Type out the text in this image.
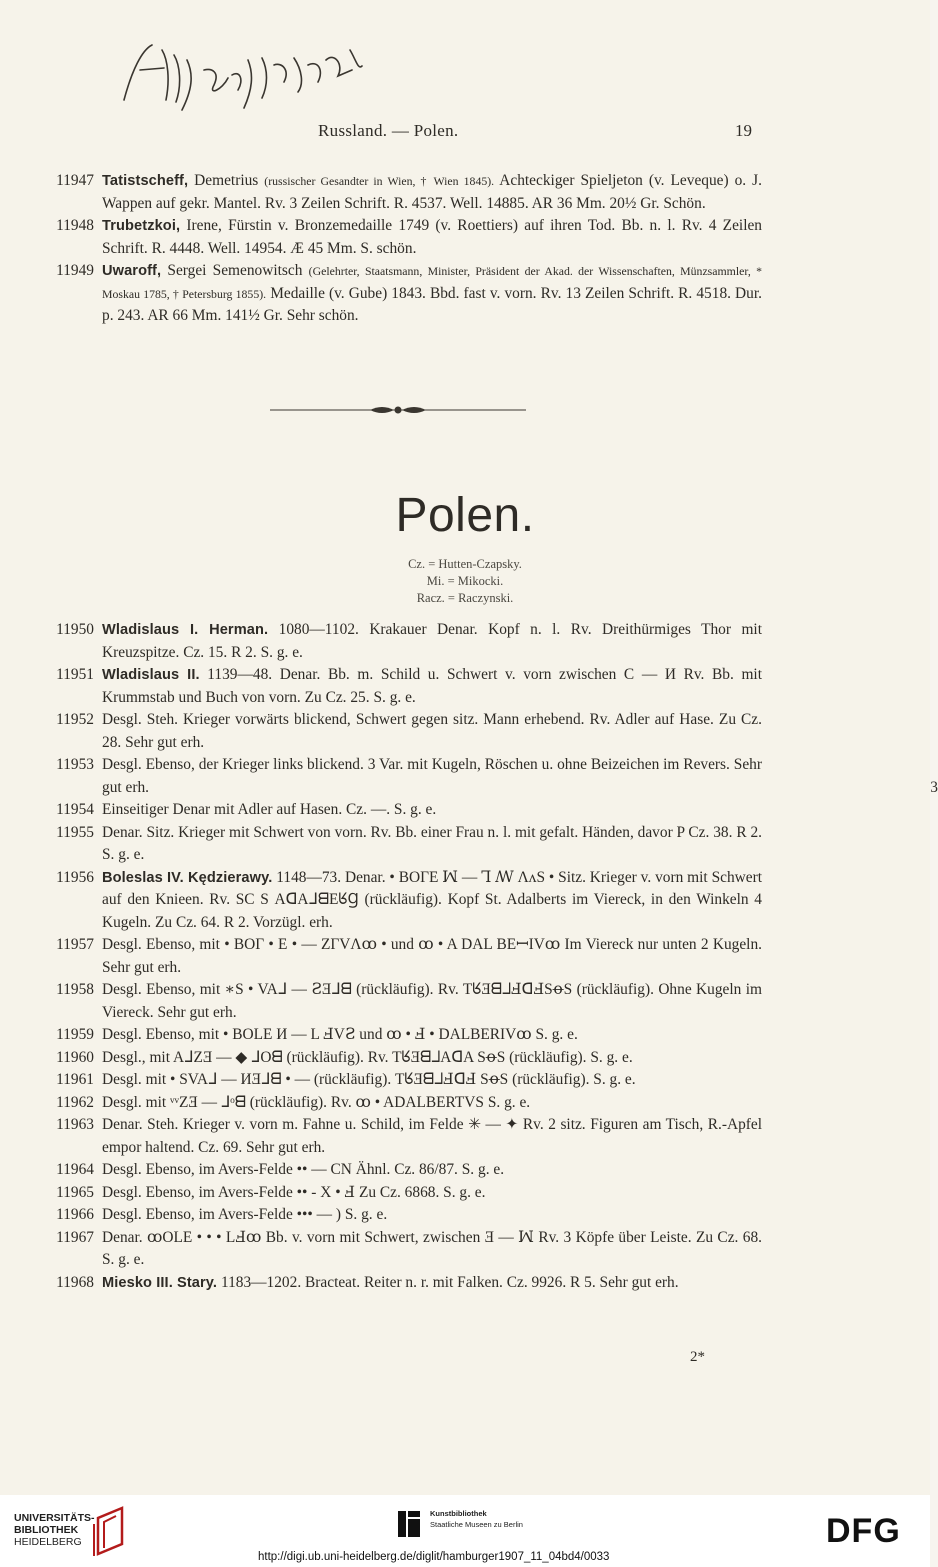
Russland. — Polen.	19
11947 Tatistscheff, Demetrius (russischer Gesandter in Wien, † Wien 1845). Achteckiger Spieljeton (v. Leveque) o. J. Wappen auf gekr. Mantel. Rv. 3 Zeilen Schrift. R. 4537. Well. 14885. AR 36 Mm. 20½ Gr. Schön.
11948 Trubetzkoi, Irene, Fürstin v. Bronzemedaille 1749 (v. Roettiers) auf ihren Tod. Bb. n. l. Rv. 4 Zeilen Schrift. R. 4448. Well. 14954. Æ 45 Mm. S. schön.
11949 Uwaroff, Sergei Semenowitsch (Gelehrter, Staatsmann, Minister, Präsident der Akad. der Wissenschaften, Münzsammler, * Moskau 1785, † Petersburg 1855). Medaille (v. Gube) 1843. Bbd. fast v. vorn. Rv. 13 Zeilen Schrift. R. 4518. Dur. p. 243. AR 66 Mm. 141½ Gr. Sehr schön.
Polen.
Cz. = Hutten-Czapsky.
Mi. = Mikocki.
Racz. = Raczynski.
11950 Wladislaus I. Herman. 1080—1102. Krakauer Denar. Kopf n. l. Rv. Dreithürmiges Thor mit Kreuzspitze. Cz. 15. R 2. S. g. e.
11951 Wladislaus II. 1139—48. Denar. Bb. m. Schild u. Schwert v. vorn zwischen C — И Rv. Bb. mit Krummstab und Buch von vorn. Zu Cz. 25. S. g. e.
11952 Desgl. Steh. Krieger vorwärts blickend, Schwert gegen sitz. Mann erhebend. Rv. Adler auf Hase. Zu Cz. 28. Sehr gut erh.
11953
3
Desgl. Ebenso, der Krieger links blickend. 3 Var. mit Kugeln, Röschen u. ohne Beizeichen im Revers. Sehr gut erh.
11954 Einseitiger Denar mit Adler auf Hasen. Cz. —. S. g. e.
11955 Denar. Sitz. Krieger mit Schwert von vorn. Rv. Bb. einer Frau n. l. mit gefalt. Händen, davor P Cz. 38. R 2. S. g. e.
11956 Boleslas IV. Kędzierawy. 1148—73. Denar. • BOΓE ꟽ — Ꞁ ꟿ ΛᴧS • Sitz. Krieger v. vorn mit Schwert auf den Knieen. Rv. SC S ΑᗡΑᒧᗺΕᖉꞬ (rückläufig). Kopf St. Adalberts im Viereck, in den Winkeln 4 Kugeln. Zu Cz. 64. R 2. Vorzügl. erh.
11957 Desgl. Ebenso, mit • BOΓ • E • — ZΓVΛꝏ • und ꝏ • A DAL BEꟷIVꝏ Im Viereck nur unten 2 Kugeln. Sehr gut erh.
11958 Desgl. Ebenso, mit ∗S • VAᒧ — ꙄƎᒧᗺ (rückläufig). Rv. TᖉƎᗺᒧℲᗡℲSꝋS (rückläufig). Ohne Kugeln im Viereck. Sehr gut erh.
11959 Desgl. Ebenso, mit • BOLE И — L ℲVꙄ und ꝏ • Ⅎ • DALBERIVꝏ S. g. e.
11960 Desgl., mit AᒧZƎ — ◆ ᒧOᗺ (rückläufig). Rv. TᖉƎᗺᒧAᗡA SꝋS (rückläufig). S. g. e.
11961 Desgl. mit • SVAᒧ — ИƎᒧᗺ • — (rückläufig). TᖉƎᗺᒧℲᗡℲ SꝋS (rückläufig). S. g. e.
11962 Desgl. mit ᵛᵛZƎ — ᒧᵒᗺ (rückläufig). Rv. ꝏ • ADALBERTVS S. g. e.
11963 Denar. Steh. Krieger v. vorn m. Fahne u. Schild, im Felde ✳ — ✦ Rv. 2 sitz. Figuren am Tisch, R.-Apfel empor haltend. Cz. 69. Sehr gut erh.
11964 Desgl. Ebenso, im Avers-Felde •• — CN Ähnl. Cz. 86/87. S. g. e.
11965 Desgl. Ebenso, im Avers-Felde •• - X • Ⅎ Zu Cz. 6868. S. g. e.
11966 Desgl. Ebenso, im Avers-Felde ••• — ) S. g. e.
11967 Denar. ꝏOLE • • • LℲꝏ Bb. v. vorn mit Schwert, zwischen Ǝ — ꟽ Rv. 3 Köpfe über Leiste. Zu Cz. 68. S. g. e.
11968 Miesko III. Stary. 1183—1202. Bracteat. Reiter n. r. mit Falken. Cz. 9926. R 5. Sehr gut erh.
2*
UNIVERSITÄTS-
BIBLIOTHEK
HEIDELBERG
Kunstbibliothek
Staatliche Museen zu Berlin	DFG
http://digi.ub.uni-heidelberg.de/diglit/hamburger1907_11_04bd4/0033
